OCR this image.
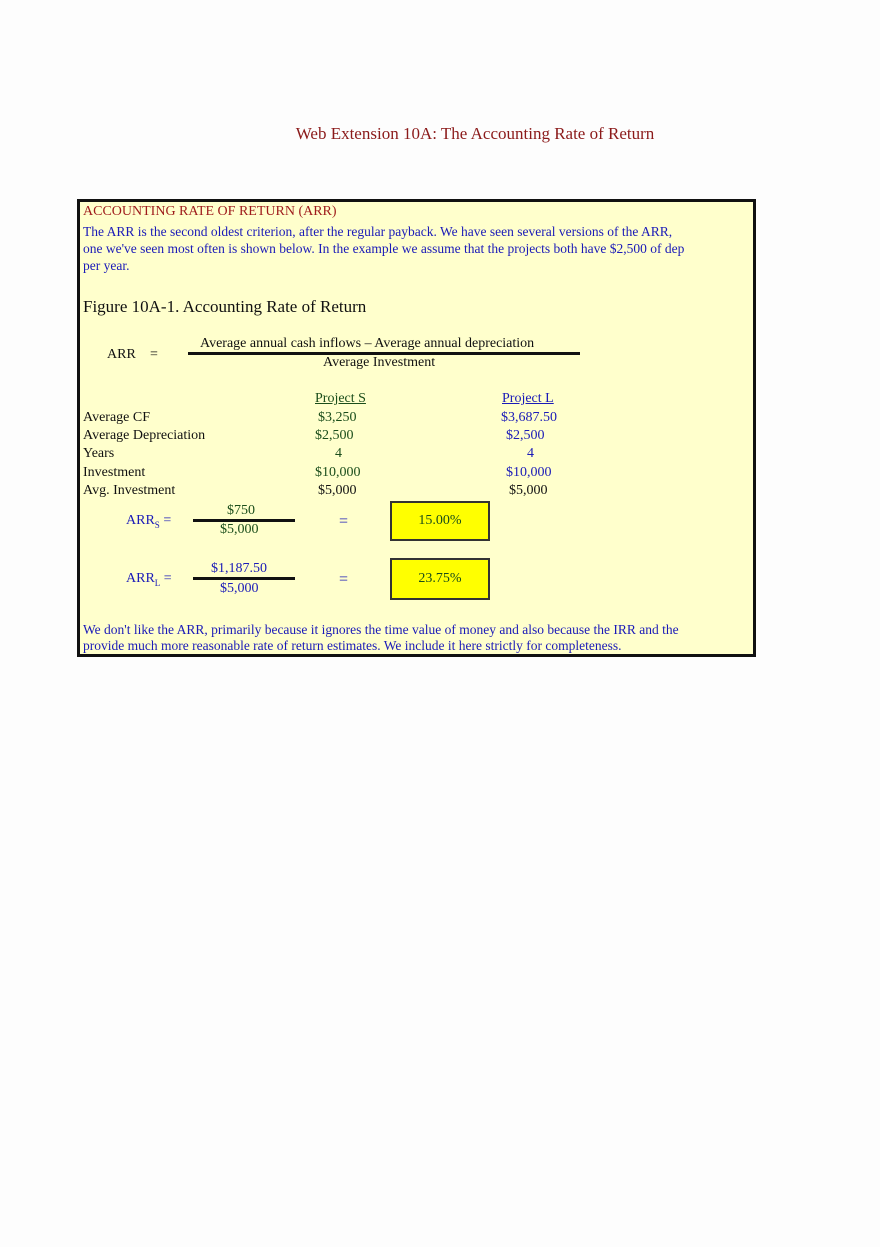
Web Extension 10A: The Accounting Rate of Return
ACCOUNTING RATE OF RETURN (ARR)
The ARR is the second oldest criterion, after the regular payback. We have seen several versions of the ARR,
one we've seen most often is shown below. In the example we assume that the projects both have $2,500 of dep
per year.
Figure 10A-1. Accounting Rate of Return
ARR =
Average annual cash inflows – Average annual depreciation
Average Investment
Project S	Project L
Average CF	$3,250	$3,687.50
Average Depreciation	$2,500	$2,500
Years	4	4
Investment	$10,000	$10,000
Avg. Investment	$5,000	$5,000
$ARR_S$ =
$750
$5,000	=	15.00%
$ARR_L$ =
$1,187.50
$5,000
=	23.75%
We don't like the ARR, primarily because it ignores the time value of money and also because the IRR and the
provide much more reasonable rate of return estimates. We include it here strictly for completeness.
